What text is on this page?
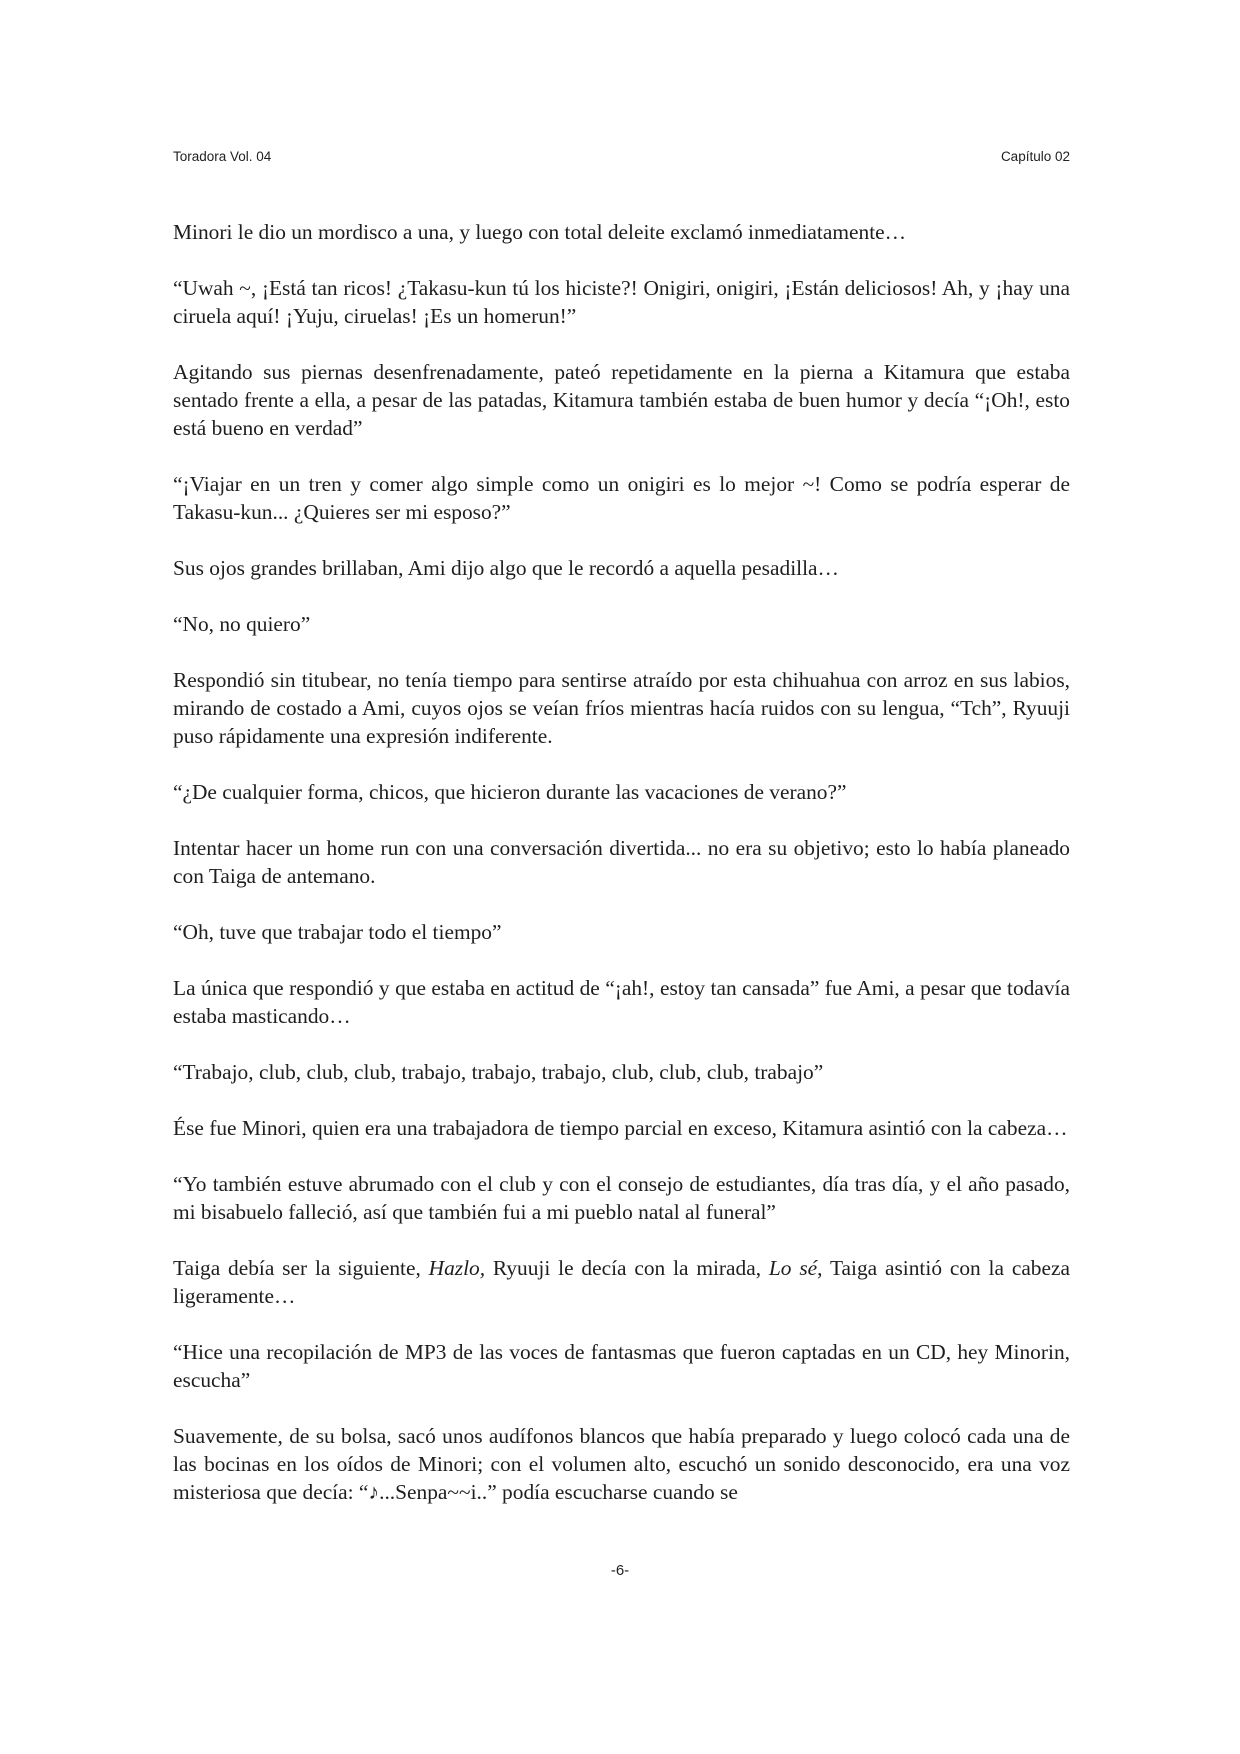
Toradora Vol. 04	Capítulo 02

Minori le dio un mordisco a una, y luego con total deleite exclamó inmediatamente…

“Uwah ~, ¡Está tan ricos! ¿Takasu-kun tú los hiciste?! Onigiri, onigiri, ¡Están deliciosos! Ah, y ¡hay una ciruela aquí! ¡Yuju, ciruelas! ¡Es un homerun!”

Agitando sus piernas desenfrenadamente, pateó repetidamente en la pierna a Kitamura que estaba sentado frente a ella, a pesar de las patadas, Kitamura también estaba de buen humor y decía “¡Oh!, esto está bueno en verdad”

“¡Viajar en un tren y comer algo simple como un onigiri es lo mejor ~! Como se podría esperar de Takasu-kun... ¿Quieres ser mi esposo?”

Sus ojos grandes brillaban, Ami dijo algo que le recordó a aquella pesadilla…

“No, no quiero”

Respondió sin titubear, no tenía tiempo para sentirse atraído por esta chihuahua con arroz en sus labios, mirando de costado a Ami, cuyos ojos se veían fríos mientras hacía ruidos con su lengua, “Tch”, Ryuuji puso rápidamente una expresión indiferente.

“¿De cualquier forma, chicos, que hicieron durante las vacaciones de verano?”

Intentar hacer un home run con una conversación divertida... no era su objetivo; esto lo había planeado con Taiga de antemano.

“Oh, tuve que trabajar todo el tiempo”

La única que respondió y que estaba en actitud de “¡ah!, estoy tan cansada” fue Ami, a pesar que todavía estaba masticando…

“Trabajo, club, club, club, trabajo, trabajo, trabajo, club, club, club, trabajo”

Ése fue Minori, quien era una trabajadora de tiempo parcial en exceso, Kitamura asintió con la cabeza…

“Yo también estuve abrumado con el club y con el consejo de estudiantes, día tras día, y el año pasado, mi bisabuelo falleció, así que también fui a mi pueblo natal al funeral”

Taiga debía ser la siguiente, Hazlo, Ryuuji le decía con la mirada, Lo sé, Taiga asintió con la cabeza ligeramente…

“Hice una recopilación de MP3 de las voces de fantasmas que fueron captadas en un CD, hey Minorin, escucha”

Suavemente, de su bolsa, sacó unos audífonos blancos que había preparado y luego colocó cada una de las bocinas en los oídos de Minori; con el volumen alto, escuchó un sonido desconocido, era una voz misteriosa que decía: “♪...Senpa~~i..” podía escucharse cuando se

-6-
